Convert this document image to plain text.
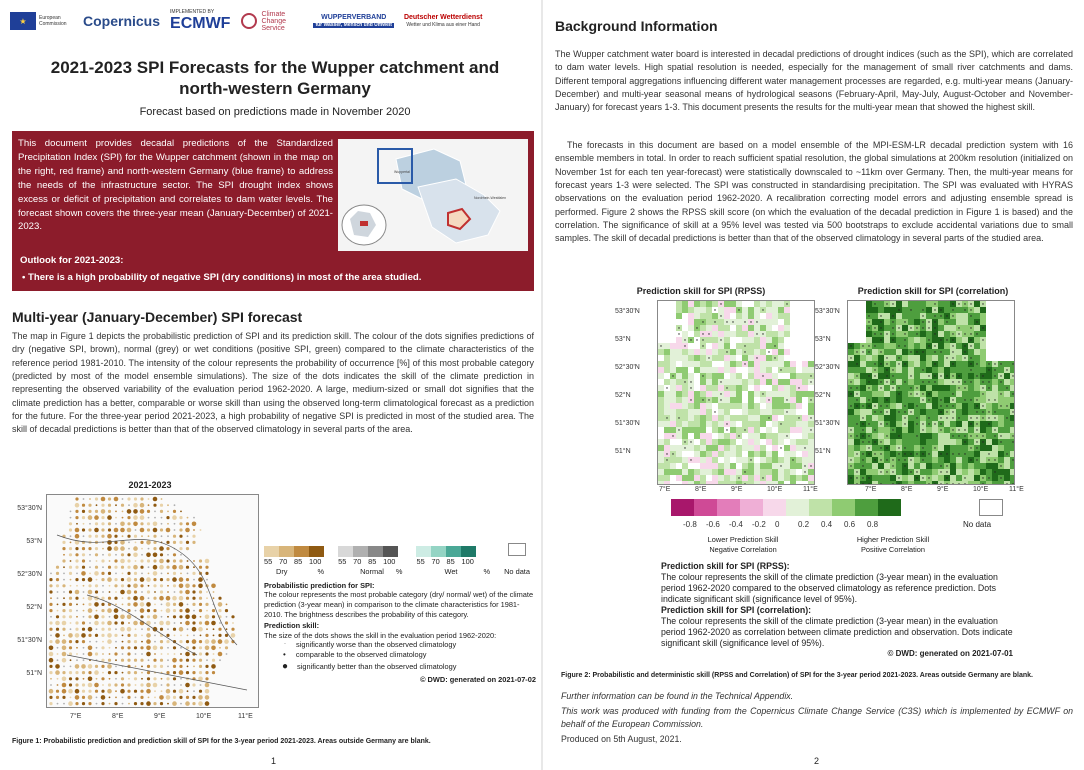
★	European Commission	Copernicus
IMPLEMENTED BY
ECMWF
Climate Change Service
WUPPERVERBAND
für Wasser, Mensch und Umwelt
Deutscher Wetterdienst
Wetter und Klima aus einer Hand
2021-2023 SPI Forecasts for the Wupper catchment and north-western Germany
Forecast based on predictions made in November 2020
This document provides decadal predictions of the Standardized Precipitation Index (SPI) for the Wupper catchment (shown in the map on the right, red frame) and north-western Germany (blue frame) to address the needs of the infrastructure sector. The SPI drought index shows excess or deficit of precipitation and correlates to dam water levels. The forecast shown covers the three-year mean (January-December) of 2021-2023.
Wuppertal
Nordrhein-Westfalen
Outlook for 2021-2023:
• There is a high probability of negative SPI (dry conditions) in most of the area studied.
Multi-year (January-December) SPI forecast
The map in Figure 1 depicts the probabilistic prediction of SPI and its prediction skill. The colour of the dots signifies predictions of dry (negative SPI, brown), normal (grey) or wet conditions (positive SPI, green) compared to the climate characteristics of the reference period 1981-2010. The intensity of the colour represents the probability of occurrence [%] of this most probable category (predicted by most of the model ensemble simulations). The size of the dots indicates the skill of the climate prediction in representing the observed variability of the evaluation period 1962-2020. A large, medium-sized or small dot signifies that the climate prediction has a better, comparable or worse skill than using the observed long-term climatological forecast as a prediction for the future. For the three-year period 2021-2023, a high probability of negative SPI is predicted in most of the studied area. The skill of decadal predictions is better than that of the observed climatology in several parts of the area.
2021-2023
53°30'N
53°N
52°30'N
52°N
51°30'N
51°N
7°E	8°E	9°E	10°E	11°E
55 70 85 100
Dry	%
55 70 85 100
Normal %
55 70 85 100
Wet	% No data
Probabilistic prediction for SPI:
The colour represents the most probable category (dry/ normal/ wet) of the climate prediction (3-year mean) in comparison to the climate characteristics for 1981-2010. The brightness describes the probability of this category.
Prediction skill:
The size of the dots shows the skill in the evaluation period 1962-2020:
· significantly worse than the observed climatology
• comparable to the observed climatology
● significantly better than the observed climatology
© DWD: generated on 2021-07-02
Figure 1: Probabilistic prediction and prediction skill of SPI for the 3-year period 2021-2023. Areas outside Germany are blank.
1
Background Information
The Wupper catchment water board is interested in decadal predictions of drought indices (such as the SPI), which are correlated to dam water levels. High spatial resolution is needed, especially for the management of small river catchments and dams. Different temporal aggregations influencing different water management processes are regarded, e.g. multi-year means (January-December) and multi-year seasonal means of hydrological seasons (February-April, May-July, August-October and November-January) for forecast years 1-3. This document presents the results for the multi-year mean that showed the highest skill.
The forecasts in this document are based on a model ensemble of the MPI-ESM-LR decadal prediction system with 16 ensemble members in total. In order to reach sufficient spatial resolution, the global simulations at 200km resolution (initialized on November 1st for each ten year-forecast) were statistically downscaled to ~11km over Germany. Then, the multi-year means for forecast years 1-3 were selected. The SPI was constructed in standardising precipitation. The SPI was evaluated with HYRAS observations on the evaluation period 1962-2020. A recalibration correcting model errors and adjusting ensemble spread is performed. Figure 2 shows the RPSS skill score (on which the evaluation of the decadal prediction in Figure 1 is based) and the correlation. The significance of skill at a 95% level was tested via 500 bootstraps to exclude accidental variations due to small samples. The skill of decadal predictions is better than that of the observed climatology in several parts of the studied area.
Prediction skill for SPI (RPSS)	Prediction skill for SPI (correlation)
53°30'N	53°30'N
53°N	53°N
52°30'N	52°30'N
52°N	52°N
51°30'N	51°30'N
51°N	51°N
7°E	7°E
8°E	8°E
9°E	9°E
10°E	10°E
11°E	11°E
-0.8 -0.6 -0.4 -0.2 0 0.2 0.4 0.6 0.8	No data
Lower Prediction Skill
Negative Correlation
Higher Prediction Skill
Positive Correlation
Prediction skill for SPI (RPSS):
The colour represents the skill of the climate prediction (3-year mean) in the evaluation period 1962-2020 compared to the observed climatology as reference prediction. Dots indicate significant skill (significance level of 95%).
Prediction skill for SPI (correlation):
The colour represents the skill of the climate prediction (3-year mean) in the evaluation period 1962-2020 as correlation between climate prediction and observation. Dots indicate significant skill (significance level of 95%).
© DWD: generated on 2021-07-01
Figure 2: Probabilistic and deterministic skill (RPSS and Correlation) of SPI for the 3-year period 2021-2023. Areas outside Germany are blank.
Further information can be found in the Technical Appendix.
This work was produced with funding from the Copernicus Climate Change Service (C3S) which is implemented by ECMWF on behalf of the European Commission.
Produced on 5th August, 2021.
2
